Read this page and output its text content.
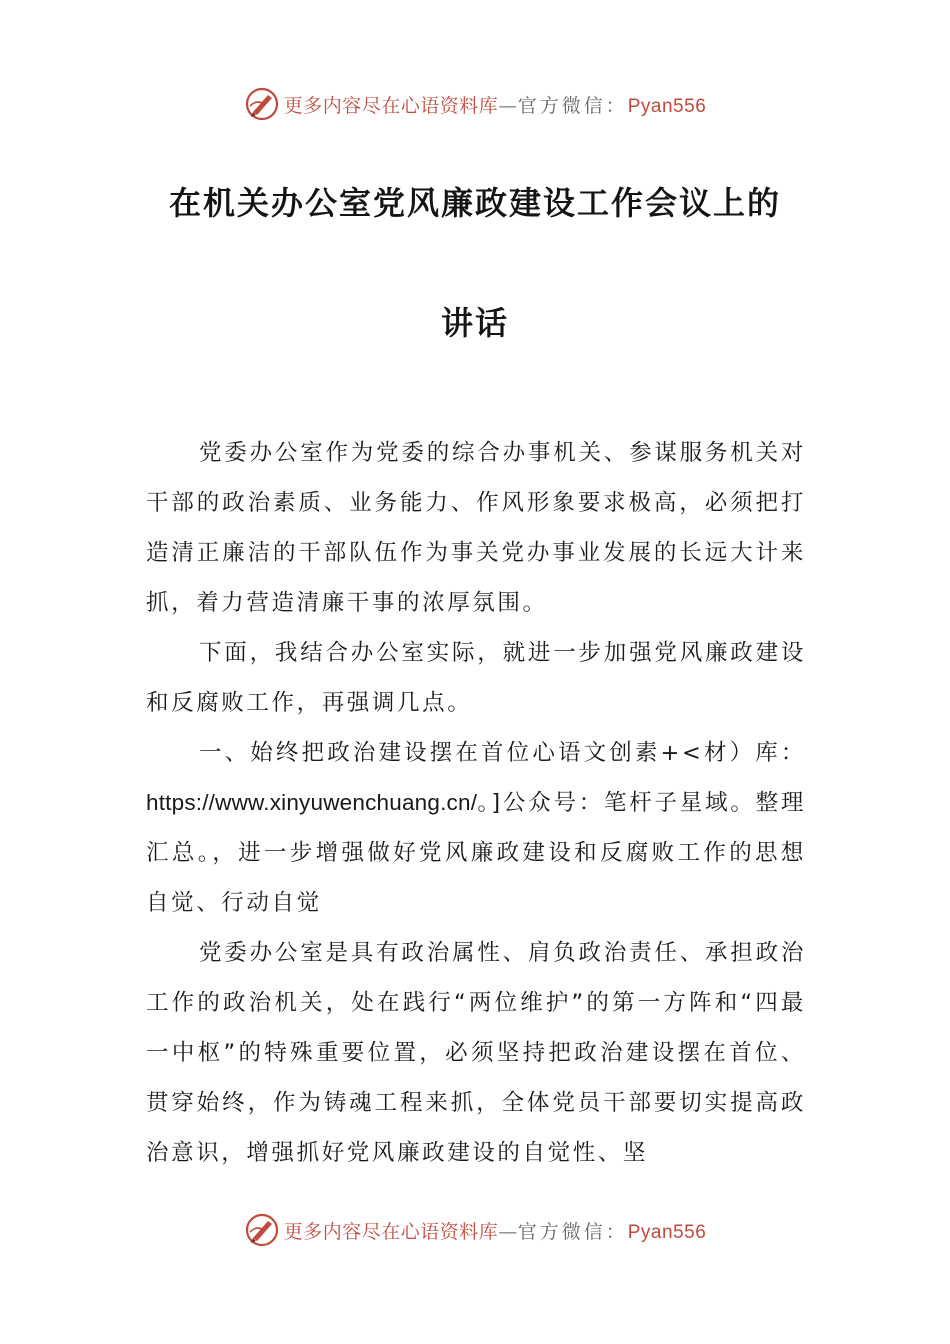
更多内容尽在心语资料库—官方微信：Pyan556
在机关办公室党风廉政建设工作会议上的
讲话

党委办公室作为党委的综合办事机关、参谋服务机关对干部的政治素质、业务能力、作风形象要求极高，必须把打造清正廉洁的干部队伍作为事关党办事业发展的长远大计来抓，着力营造清廉干事的浓厚氛围。

下面，我结合办公室实际，就进一步加强党风廉政建设和反腐败工作，再强调几点。

一、始终把政治建设摆在首位心语文创素+<材）库：https://www.xinyuwenchuang.cn/。]公众号：笔杆子星域。整理汇总。，进一步增强做好党风廉政建设和反腐败工作的思想自觉、行动自觉

党委办公室是具有政治属性、肩负政治责任、承担政治工作的政治机关，处在践行“两位维护”的第一方阵和“四最一中枢”的特殊重要位置，必须坚持把政治建设摆在首位、贯穿始终，作为铸魂工程来抓，全体党员干部要切实提高政治意识，增强抓好党风廉政建设的自觉性、坚

更多内容尽在心语资料库—官方微信：Pyan556
